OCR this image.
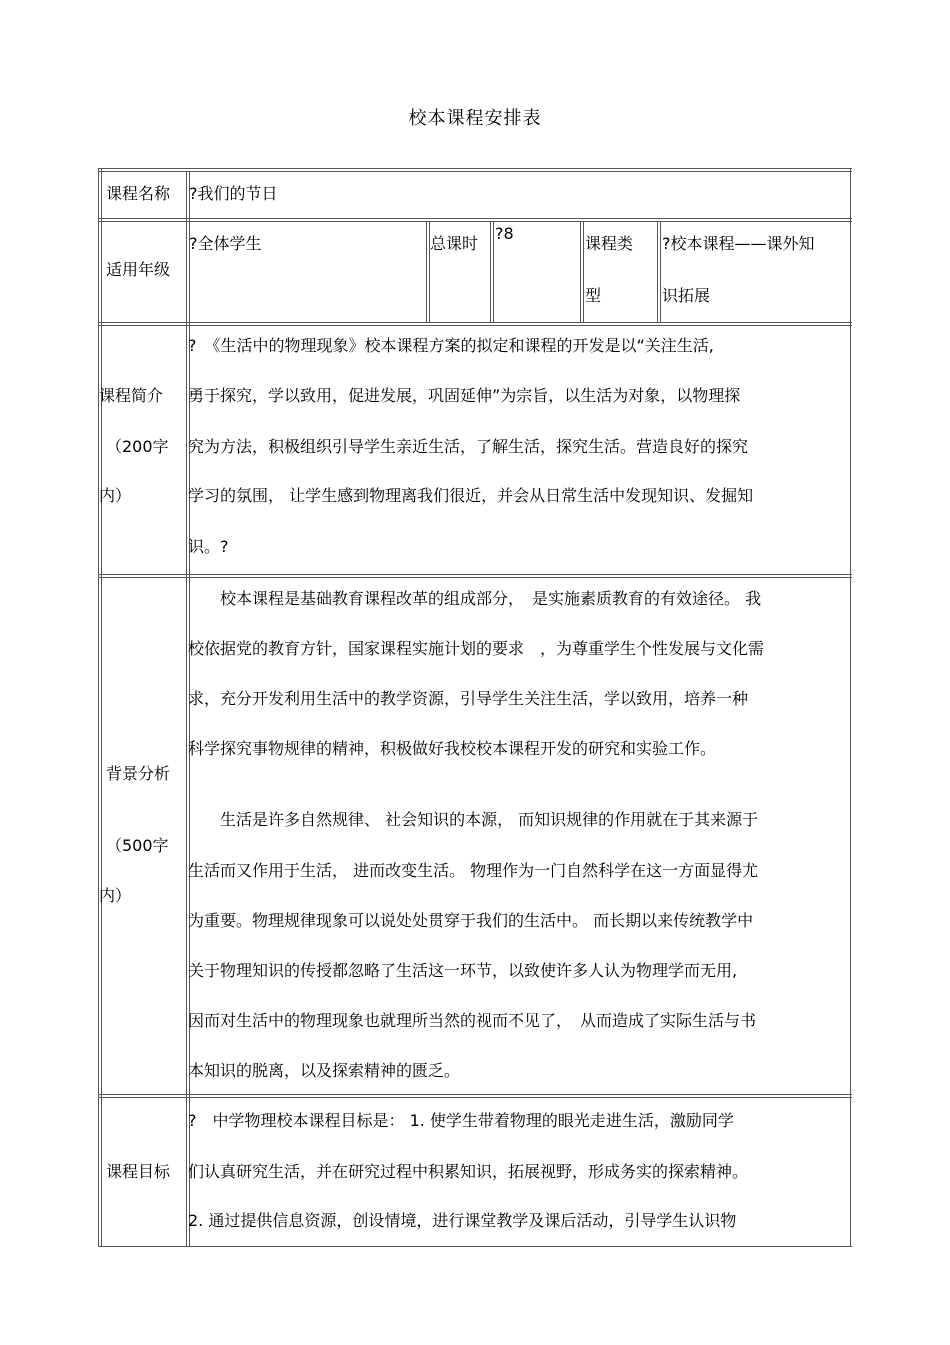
校本课程安排表
课程名称 ?我们的节日
适用年级
?全体学生	总课时
?8
课程类
型
?校本课程——课外知
识拓展
课程简介
（200字
内）
?　《生活中的物理现象》校本课程方案的拟定和课程的开发是以“关注生活,
勇于探究，学以致用，促进发展，巩固延伸”为宗旨，以生活为对象，以物理探
究为方法，积极组织引导学生亲近生活，了解生活，探究生活。营造良好的探究
学习的氛围， 让学生感到物理离我们很近，并会从日常生活中发现知识、发掘知
识。?
背景分析
（500字
内）
　　校本课程是基础教育课程改革的组成部分，　是实施素质教育的有效途径。 我
校依据党的教育方针，国家课程实施计划的要求　，为尊重学生个性发展与文化需
求，充分开发利用生活中的教学资源，引导学生关注生活，学以致用，培养一种
科学探究事物规律的精神，积极做好我校校本课程开发的研究和实验工作。
　　生活是许多自然规律、 社会知识的本源， 而知识规律的作用就在于其来源于
生活而又作用于生活， 进而改变生活。 物理作为一门自然科学在这一方面显得尤
为重要。物理规律现象可以说处处贯穿于我们的生活中。 而长期以来传统教学中
关于物理知识的传授都忽略了生活这一环节，以致使许多人认为物理学而无用,
因而对生活中的物理现象也就理所当然的视而不见了，　从而造成了实际生活与书
本知识的脱离，以及探索精神的匮乏。
课程目标
?　中学物理校本课程目标是： 1. 使学生带着物理的眼光走进生活，激励同学
们认真研究生活，并在研究过程中积累知识，拓展视野，形成务实的探索精神。
2. 通过提供信息资源，创设情境，进行课堂教学及课后活动，引导学生认识物
